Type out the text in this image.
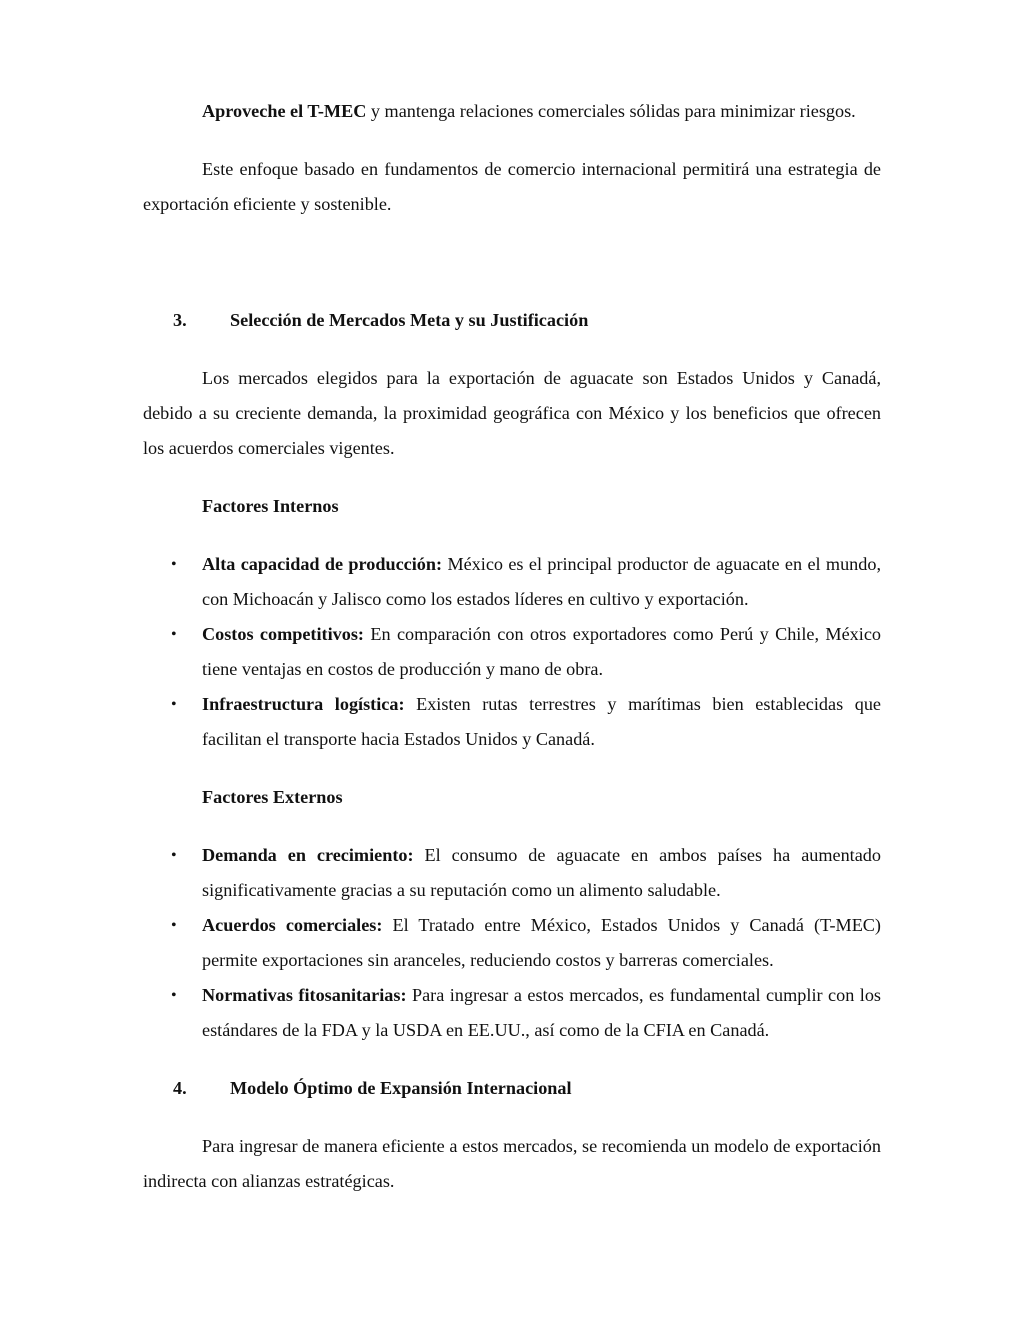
Aproveche el T-MEC y mantenga relaciones comerciales sólidas para minimizar riesgos.

Este enfoque basado en fundamentos de comercio internacional permitirá una estrategia de exportación eficiente y sostenible.

3.	Selección de Mercados Meta y su Justificación

Los mercados elegidos para la exportación de aguacate son Estados Unidos y Canadá, debido a su creciente demanda, la proximidad geográfica con México y los beneficios que ofrecen los acuerdos comerciales vigentes.

Factores Internos
• Alta capacidad de producción: México es el principal productor de aguacate en el mundo, con Michoacán y Jalisco como los estados líderes en cultivo y exportación.
• Costos competitivos: En comparación con otros exportadores como Perú y Chile, México tiene ventajas en costos de producción y mano de obra.
• Infraestructura logística: Existen rutas terrestres y marítimas bien establecidas que facilitan el transporte hacia Estados Unidos y Canadá.
Factores Externos
• Demanda en crecimiento: El consumo de aguacate en ambos países ha aumentado significativamente gracias a su reputación como un alimento saludable.
• Acuerdos comerciales: El Tratado entre México, Estados Unidos y Canadá (T-MEC) permite exportaciones sin aranceles, reduciendo costos y barreras comerciales.
• Normativas fitosanitarias: Para ingresar a estos mercados, es fundamental cumplir con los estándares de la FDA y la USDA en EE.UU., así como de la CFIA en Canadá.
4.	Modelo Óptimo de Expansión Internacional

Para ingresar de manera eficiente a estos mercados, se recomienda un modelo de exportación indirecta con alianzas estratégicas.
